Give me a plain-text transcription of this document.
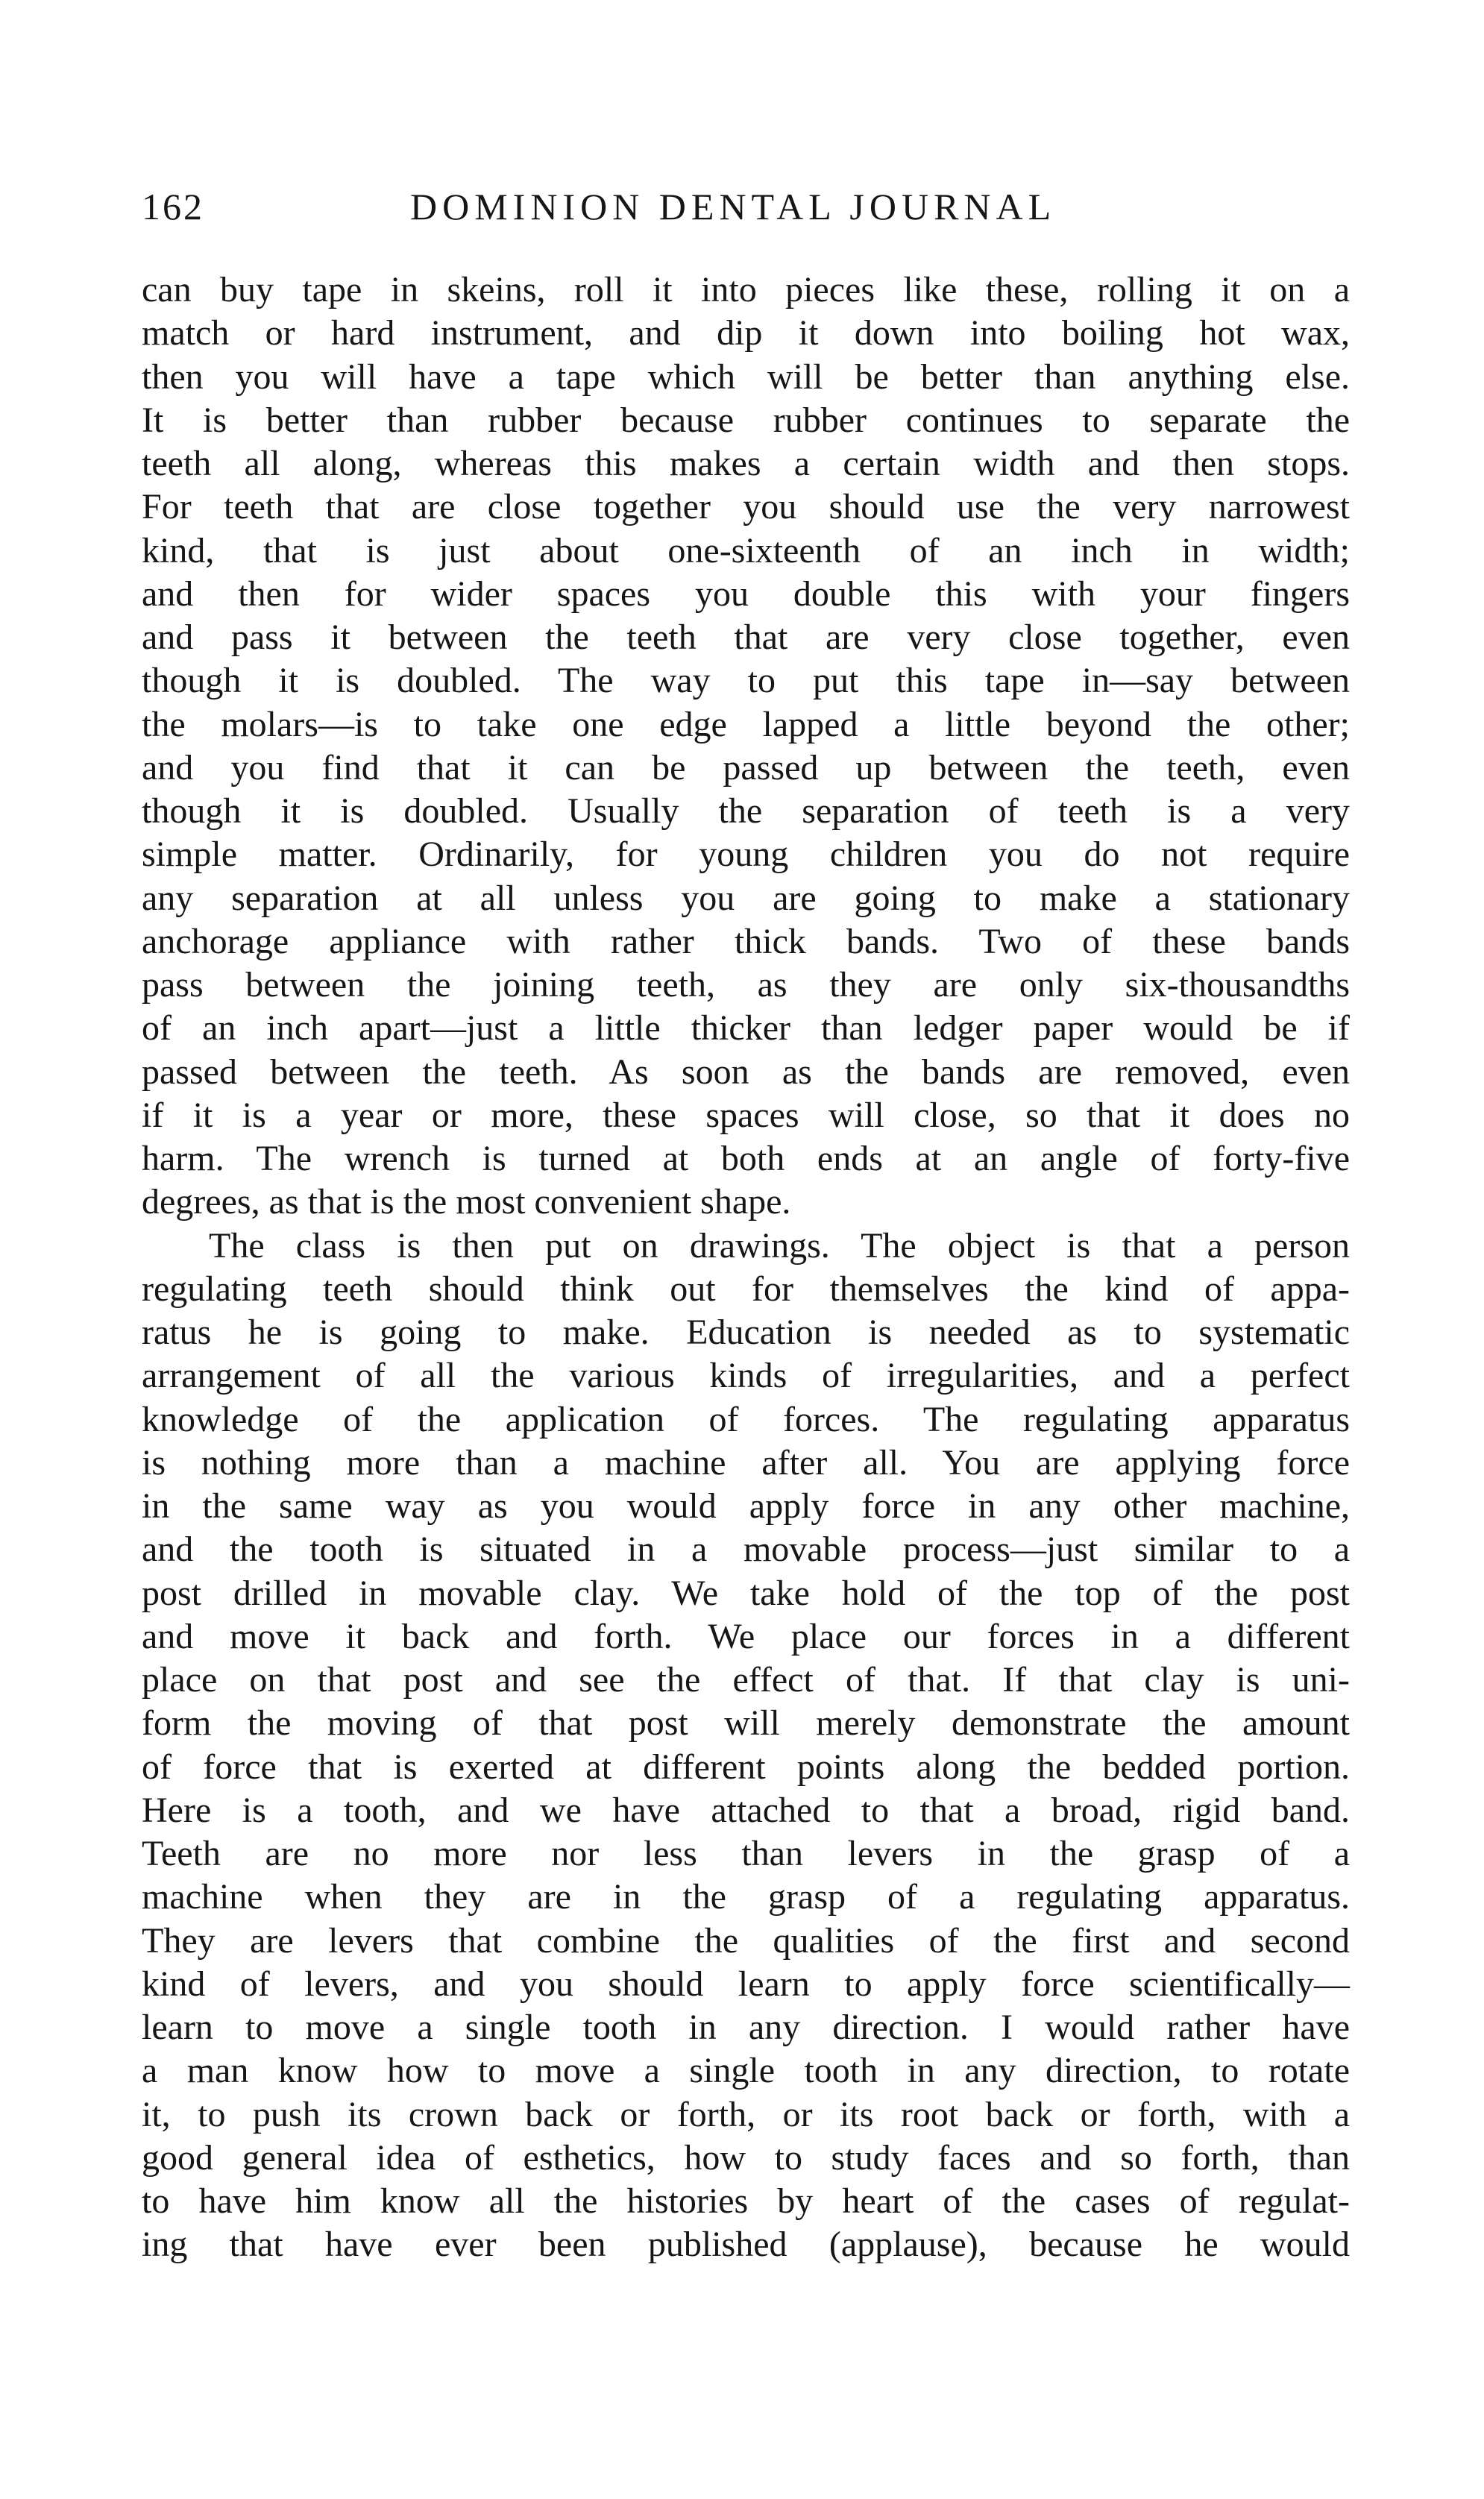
162	DOMINION DENTAL JOURNAL
can buy tape in skeins, roll it into pieces like these, rolling it on a
match or hard instrument, and dip it down into boiling hot wax,
then you will have a tape which will be better than anything else.
It is better than rubber because rubber continues to separate the
teeth all along, whereas this makes a certain width and then stops.
For teeth that are close together you should use the very narrowest
kind, that is just about one-sixteenth of an inch in width;
and then for wider spaces you double this with your fingers
and pass it between the teeth that are very close together, even
though it is doubled. The way to put this tape in—say between
the molars—is to take one edge lapped a little beyond the other;
and you find that it can be passed up between the teeth, even
though it is doubled. Usually the separation of teeth is a very
simple matter. Ordinarily, for young children you do not require
any separation at all unless you are going to make a stationary
anchorage appliance with rather thick bands. Two of these bands
pass between the joining teeth, as they are only six-thousandths
of an inch apart—just a little thicker than ledger paper would be if
passed between the teeth. As soon as the bands are removed, even
if it is a year or more, these spaces will close, so that it does no
harm. The wrench is turned at both ends at an angle of forty-five
degrees, as that is the most convenient shape.
The class is then put on drawings. The object is that a person
regulating teeth should think out for themselves the kind of appa-
ratus he is going to make. Education is needed as to systematic
arrangement of all the various kinds of irregularities, and a perfect
knowledge of the application of forces. The regulating apparatus
is nothing more than a machine after all. You are applying force
in the same way as you would apply force in any other machine,
and the tooth is situated in a movable process—just similar to a
post drilled in movable clay. We take hold of the top of the post
and move it back and forth. We place our forces in a different
place on that post and see the effect of that. If that clay is uni-
form the moving of that post will merely demonstrate the amount
of force that is exerted at different points along the bedded portion.
Here is a tooth, and we have attached to that a broad, rigid band.
Teeth are no more nor less than levers in the grasp of a
machine when they are in the grasp of a regulating apparatus.
They are levers that combine the qualities of the first and second
kind of levers, and you should learn to apply force scientifically—
learn to move a single tooth in any direction. I would rather have
a man know how to move a single tooth in any direction, to rotate
it, to push its crown back or forth, or its root back or forth, with a
good general idea of esthetics, how to study faces and so forth, than
to have him know all the histories by heart of the cases of regulat-
ing that have ever been published (applause), because he would
